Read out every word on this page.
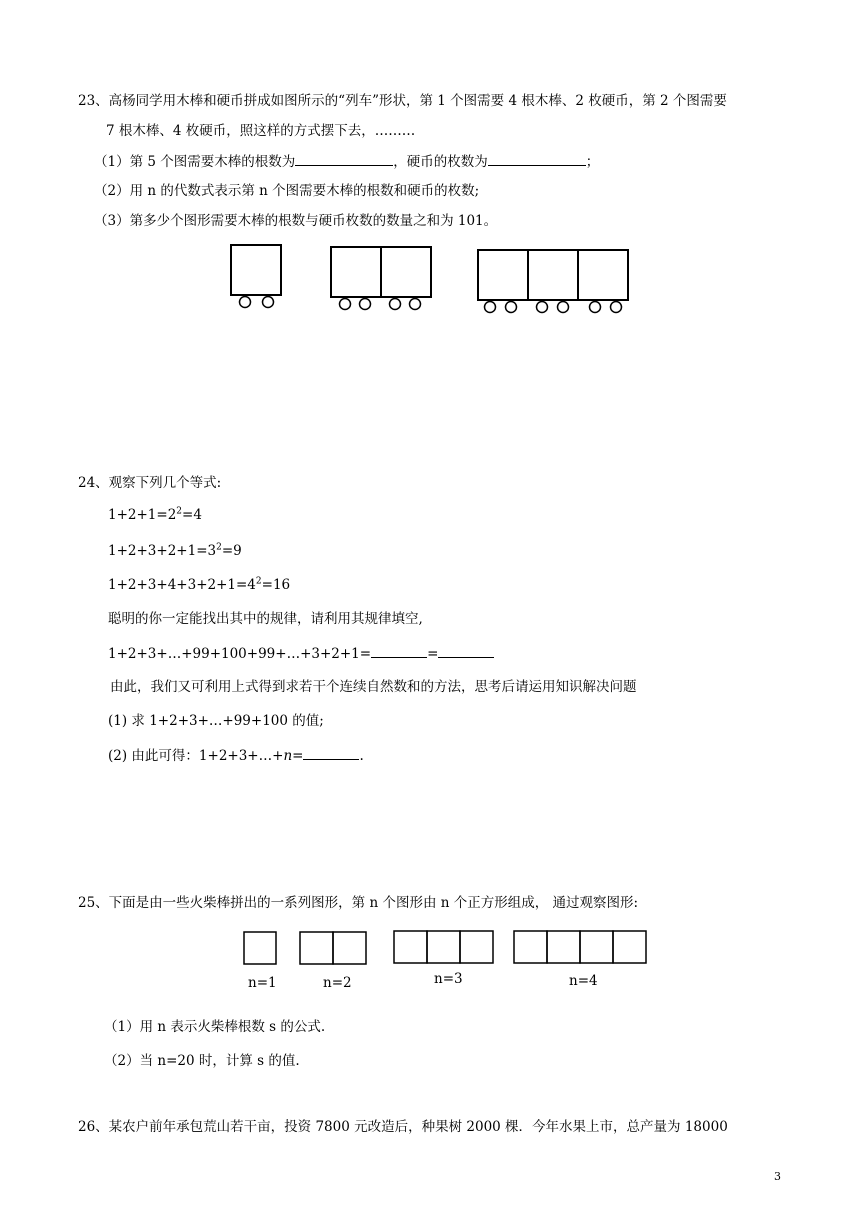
23、高杨同学用木棒和硬币拼成如图所示的“列车”形状，第 1 个图需要 4 根木棒、2 枚硬币，第 2 个图需要
7 根木棒、4 枚硬币，照这样的方式摆下去，………
（1）第 5 个图需要木棒的根数为	，硬币的枚数为	；
（2）用 n 的代数式表示第 n 个图需要木棒的根数和硬币的枚数;
（3）第多少个图形需要木棒的根数与硬币枚数的数量之和为 101。
24、观察下列几个等式:
$1+2+1=2^2=4$
$1+2+3+2+1=3^2=9$
$1+2+3+4+3+2+1=4^2=16$
聪明的你一定能找出其中的规律，请利用其规律填空,
1+2+3+…+99+100+99+…+3+2+1=	=
由此，我们又可利用上式得到求若干个连续自然数和的方法，思考后请运用知识解决问题
(1) 求 1+2+3+…+99+100 的值;
(2) 由此可得：1+2+3+…+n=	.
25、下面是由一些火柴棒拼出的一系列图形，第 n 个图形由 n 个正方形组成， 通过观察图形:
n=1	n=2	n=3	n=4
（1）用 n 表示火柴棒根数 s 的公式.
（2）当 n=20 时，计算 s 的值.
26、某农户前年承包荒山若干亩，投资 7800 元改造后，种果树 2000 棵．今年水果上市，总产量为 18000
3
